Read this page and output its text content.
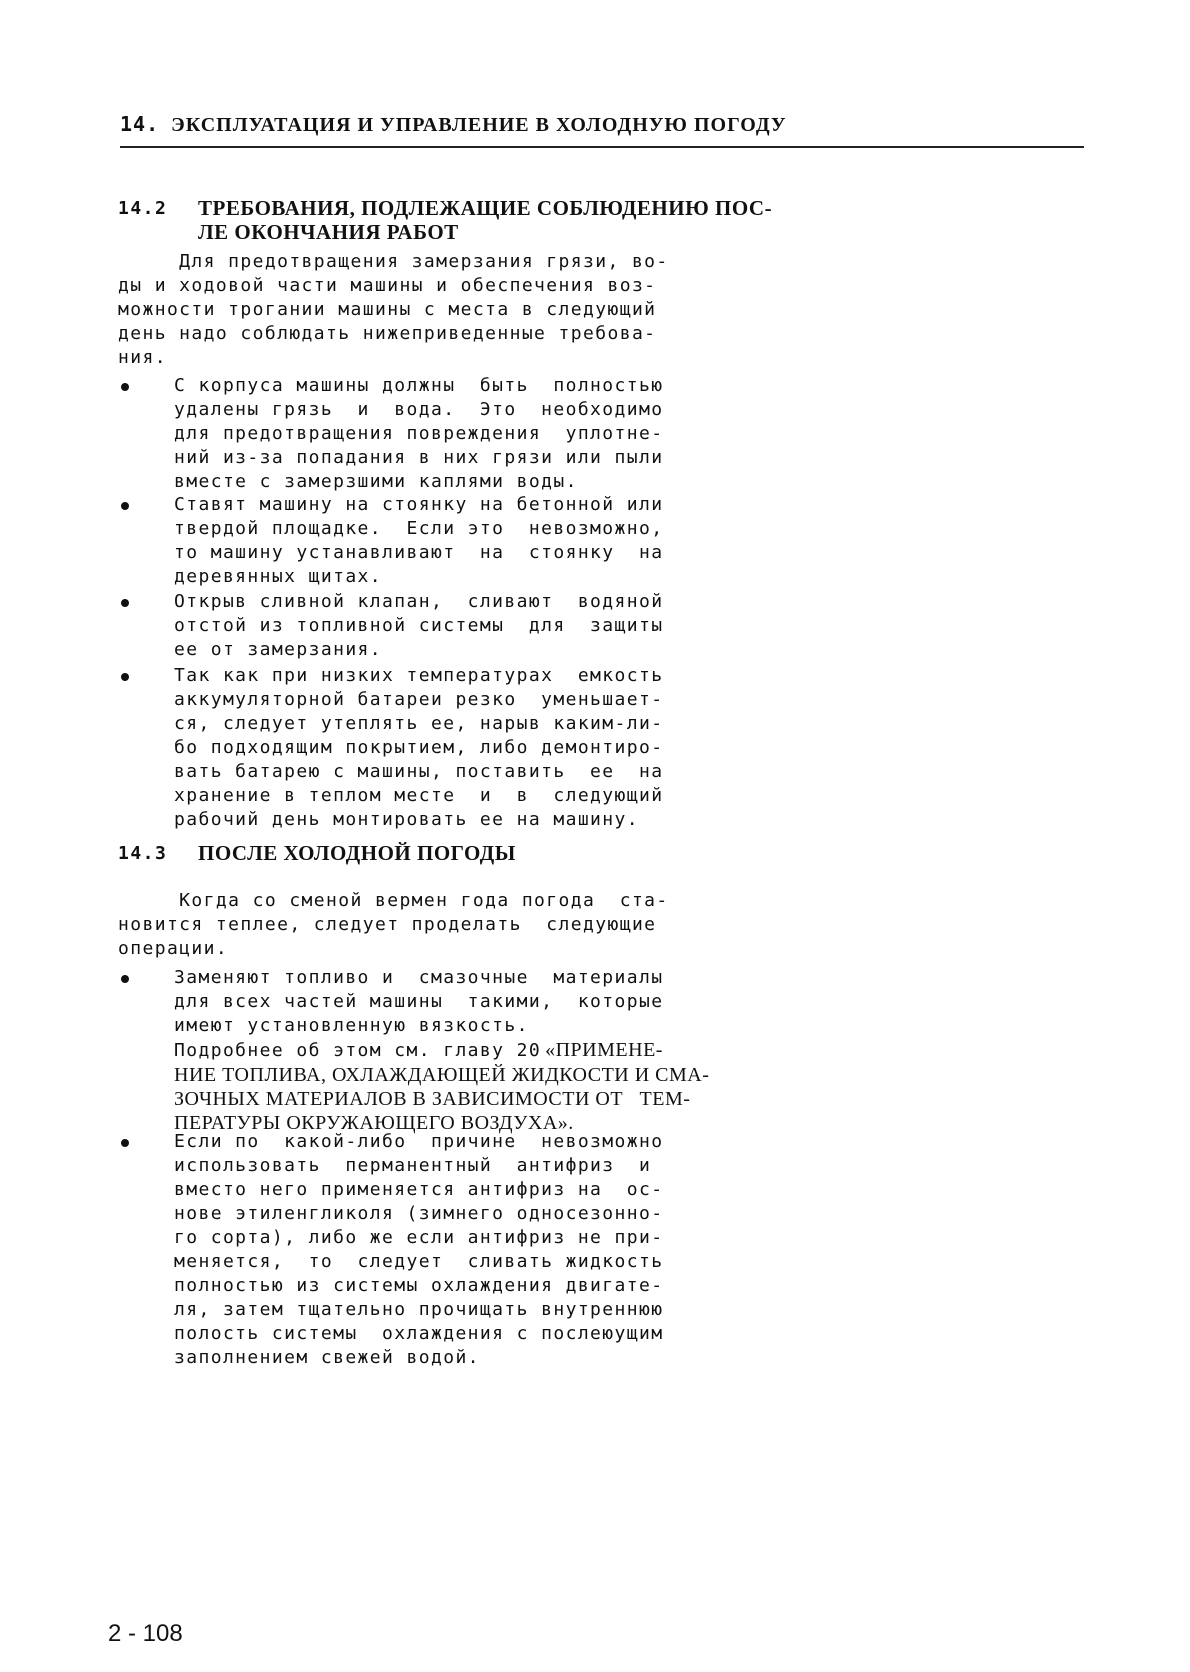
14. ЭКСПЛУАТАЦИЯ И УПРАВЛЕНИЕ В ХОЛОДНУЮ ПОГОДУ
14.2 ТРЕБОВАНИЯ, ПОДЛЕЖАЩИЕ СОБЛЮДЕНИЮ ПОС-
ЛЕ ОКОНЧАНИЯ РАБОТ
Для предотвращения замерзания грязи, во-
ды и ходовой части машины и обеспечения воз-
можности трогании машины с места в следующий
день надо соблюдать нижеприведенные требова-
ния.
С корпуса машины должны  быть  полностью
удалены грязь  и  вода.  Это  необходимо
для предотвращения повреждения  уплотне-
ний из-за попадания в них грязи или пыли
вместе с замерзшими каплями воды.
Ставят машину на стоянку на бетонной или
твердой площадке.  Если это  невозможно,
то машину устанавливают  на  стоянку  на
деревянных щитах.
Открыв сливной клапан,  сливают  водяной
отстой из топливной системы  для  защиты
ее от замерзания.
Так как при низких температурах  емкость
аккумуляторной батареи резко  уменьшает-
ся, следует утеплять ее, нарыв каким-ли-
бо подходящим покрытием, либо демонтиро-
вать батарею с машины, поставить  ее  на
хранение в теплом месте  и  в  следующий
рабочий день монтировать ее на машину.
14.3 ПОСЛЕ ХОЛОДНОЙ ПОГОДЫ
Когда со сменой вермен года погода  ста-
новится теплее, следует проделать  следующие
операции.
Заменяют топливо и  смазочные  материалы
для всех частей машины  такими,  которые
имеют установленную вязкость.
Подробнее об этом см. главу 20 «ПРИМЕНЕ-
НИЕ ТОПЛИВА, ОХЛАЖДАЮЩЕЙ ЖИДКОСТИ И СМА-
ЗОЧНЫХ МАТЕРИАЛОВ В ЗАВИСИМОСТИ ОТ   ТЕМ-
ПЕРАТУРЫ ОКРУЖАЮЩЕГО ВОЗДУХА».
Если по  какой-либо  причине  невозможно
использовать  перманентный  антифриз  и
вместо него применяется антифриз на  ос-
нове этиленгликоля (зимнего односезонно-
го сорта), либо же если антифриз не при-
меняется,  то  следует  сливать жидкость
полностью из системы охлаждения двигате-
ля, затем тщательно прочищать внутреннюю
полость системы  охлаждения с послеюущим
заполнением свежей водой.
2 - 108
